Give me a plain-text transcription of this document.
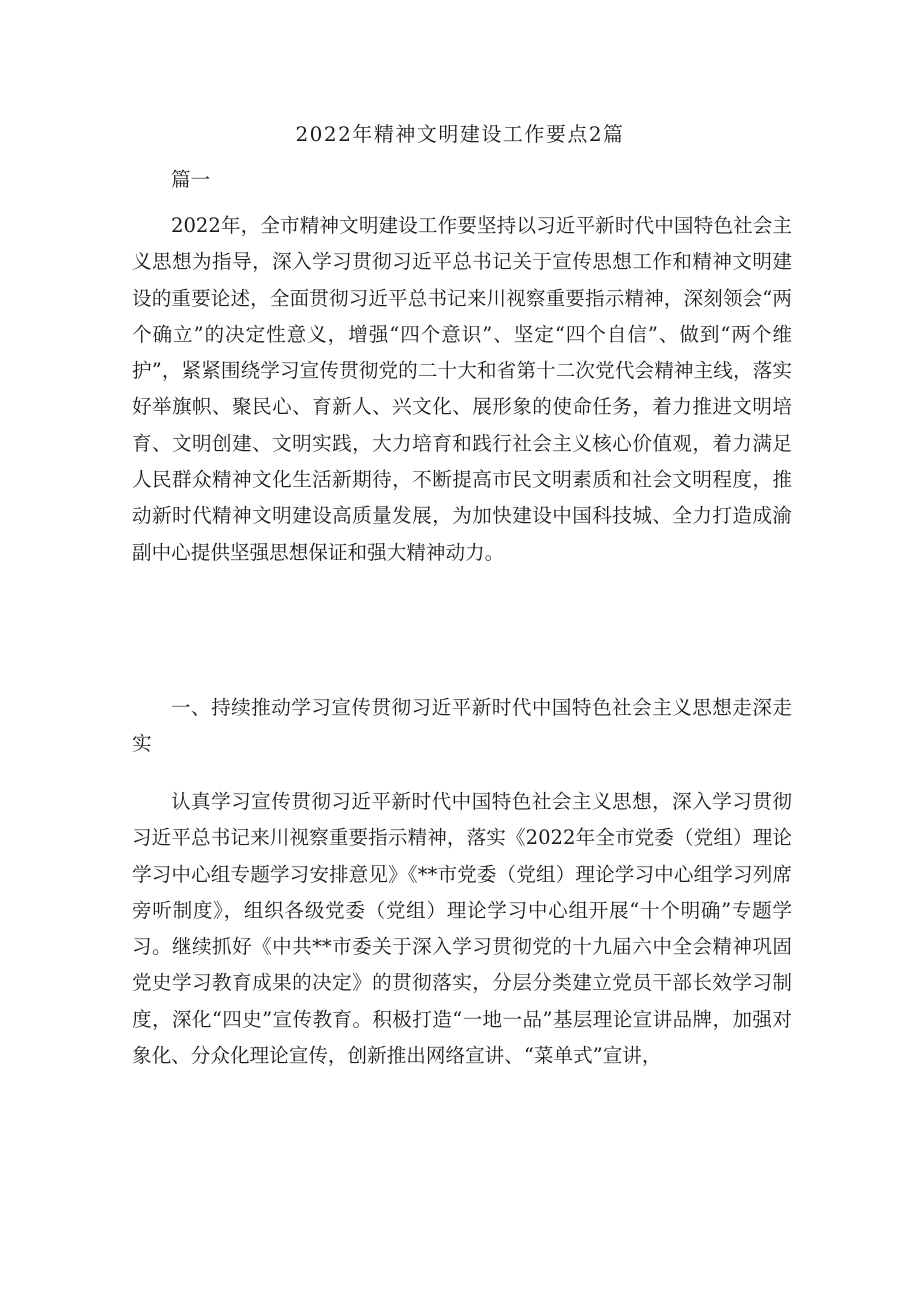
2022年精神文明建设工作要点2篇

篇一

2022年，全市精神文明建设工作要坚持以习近平新时代中国特色社会主义思想为指导，深入学习贯彻习近平总书记关于宣传思想工作和精神文明建设的重要论述，全面贯彻习近平总书记来川视察重要指示精神，深刻领会“两个确立”的决定性意义，增强“四个意识”、坚定“四个自信”、做到“两个维护”，紧紧围绕学习宣传贯彻党的二十大和省第十二次党代会精神主线，落实好举旗帜、聚民心、育新人、兴文化、展形象的使命任务，着力推进文明培育、文明创建、文明实践，大力培育和践行社会主义核心价值观，着力满足人民群众精神文化生活新期待，不断提高市民文明素质和社会文明程度，推动新时代精神文明建设高质量发展，为加快建设中国科技城、全力打造成渝副中心提供坚强思想保证和强大精神动力。

一、持续推动学习宣传贯彻习近平新时代中国特色社会主义思想走深走实

认真学习宣传贯彻习近平新时代中国特色社会主义思想，深入学习贯彻习近平总书记来川视察重要指示精神，落实《2022年全市党委（党组）理论学习中心组专题学习安排意见》《**市党委（党组）理论学习中心组学习列席旁听制度》，组织各级党委（党组）理论学习中心组开展“十个明确”专题学习。继续抓好《中共**市委关于深入学习贯彻党的十九届六中全会精神巩固党史学习教育成果的决定》的贯彻落实，分层分类建立党员干部长效学习制度，深化“四史”宣传教育。积极打造“一地一品”基层理论宣讲品牌，加强对象化、分众化理论宣传，创新推出网络宣讲、“菜单式”宣讲，
